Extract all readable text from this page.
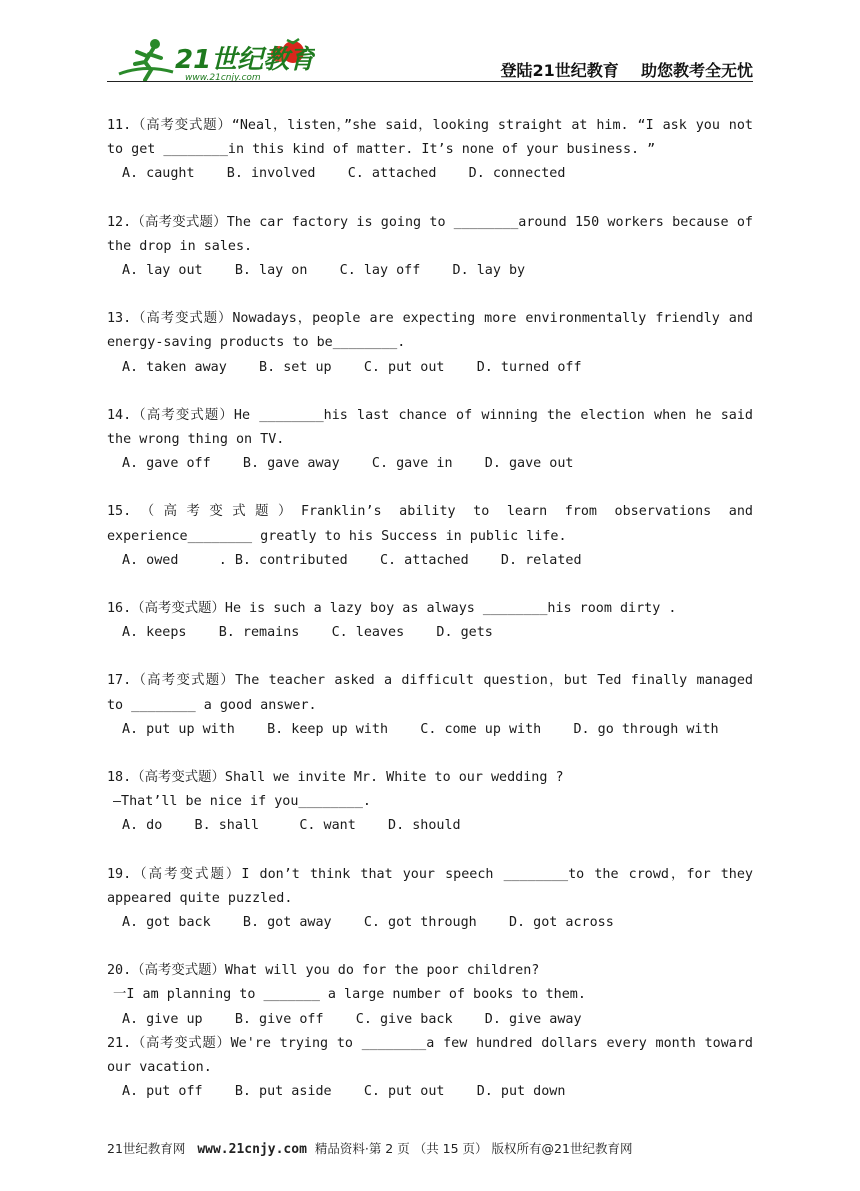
21世纪教育
www.21cnjy.com	登陆21世纪教育    助您教考全无忧
11.（高考变式题）“Neal，listen，”she said，looking straight at him. “I ask you not to get ________in this kind of matter. It’s none of your business. ”
A. caught    B. involved    C. attached    D. connected
12.（高考变式题）The car factory is going to ________around 150 workers because of the drop in sales.
A. lay out    B. lay on    C. lay off    D. lay by
13.（高考变式题）Nowadays，people are expecting more environmentally friendly and energy-saving products to be________.
A. taken away    B. set up    C. put out    D. turned off
14.（高考变式题）He ________his last chance of winning the election when he said the wrong thing on TV.
A. gave off    B. gave away    C. gave in    D. gave out
15.（高考变式题）Franklin’s ability to learn from observations and experience________ greatly to his Success in public life.
A. owed     . B. contributed    C. attached    D. related
16.（高考变式题）He is such a lazy boy as always ________his room dirty .
A. keeps    B. remains    C. leaves    D. gets
17.（高考变式题）The teacher asked a difficult question，but Ted finally managed to ________ a good answer.
A. put up with    B. keep up with    C. come up with    D. go through with
18.（高考变式题）Shall we invite Mr. White to our wedding ?
—That’ll be nice if you________.
A. do    B. shall     C. want    D. should
19.（高考变式题）I don’t think that your speech ________to the crowd，for they appeared quite puzzled.
A. got back    B. got away    C. got through    D. got across
20.（高考变式题）What will you do for the poor children?
一I am planning to _______ a large number of books to them.
A. give up    B. give off    C. give back    D. give away
21.（高考变式题）We're trying to ________a few hundred dollars every month toward our vacation.
A. put off    B. put aside    C. put out    D. put down
21世纪教育网 www.21cnjy.com 精品资料·第 2 页 （共 15 页） 版权所有@21世纪教育网
